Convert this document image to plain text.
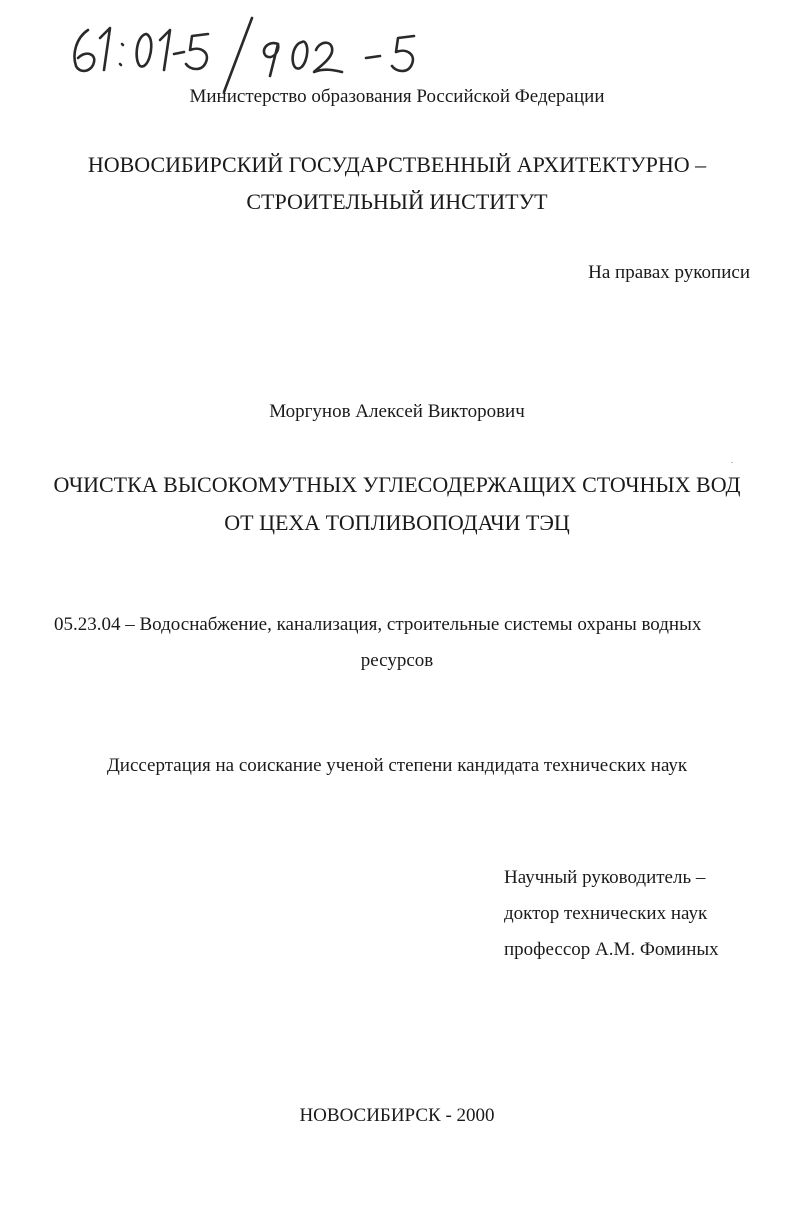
61: 01-5/902-5
Министерство образования Российской Федерации
НОВОСИБИРСКИЙ ГОСУДАРСТВЕННЫЙ АРХИТЕКТУРНО –
СТРОИТЕЛЬНЫЙ ИНСТИТУТ
На правах рукописи
Моргунов Алексей Викторович
ОЧИСТКА ВЫСОКОМУТНЫХ УГЛЕСОДЕРЖАЩИХ СТОЧНЫХ ВОД
ОТ ЦЕХА ТОПЛИВОПОДАЧИ ТЭЦ
05.23.04 – Водоснабжение, канализация, строительные системы охраны водных
ресурсов
Диссертация на соискание ученой степени кандидата технических наук
Научный руководитель –
доктор технических наук
профессор А.М. Фоминых
НОВОСИБИРСК - 2000
